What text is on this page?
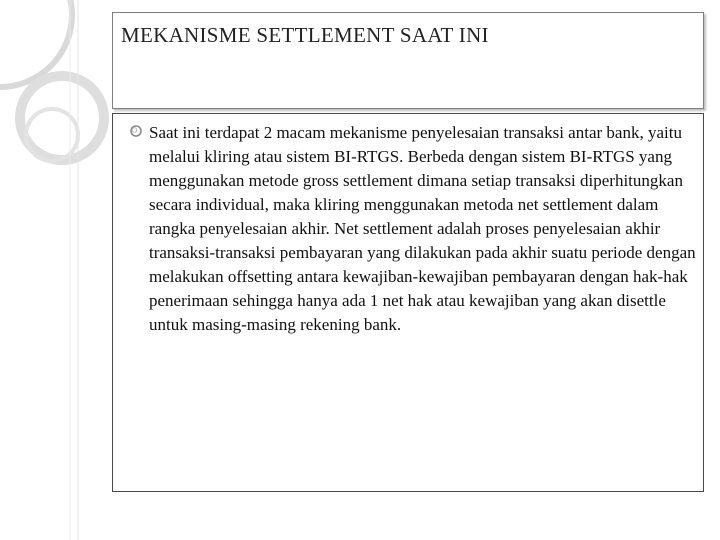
MEKANISME SETTLEMENT SAAT INI

Saat ini terdapat 2 macam mekanisme penyelesaian transaksi antar bank, yaitu melalui kliring atau sistem BI-RTGS. Berbeda dengan sistem BI-RTGS yang menggunakan metode gross settlement dimana setiap transaksi diperhitungkan secara individual, maka kliring menggunakan metoda net settlement dalam rangka penyelesaian akhir. Net settlement adalah proses penyelesaian akhir transaksi-transaksi pembayaran yang dilakukan pada akhir suatu periode dengan melakukan offsetting antara kewajiban-kewajiban pembayaran dengan hak-hak penerimaan sehingga hanya ada 1 net hak atau kewajiban yang akan disettle untuk masing-masing rekening bank.
